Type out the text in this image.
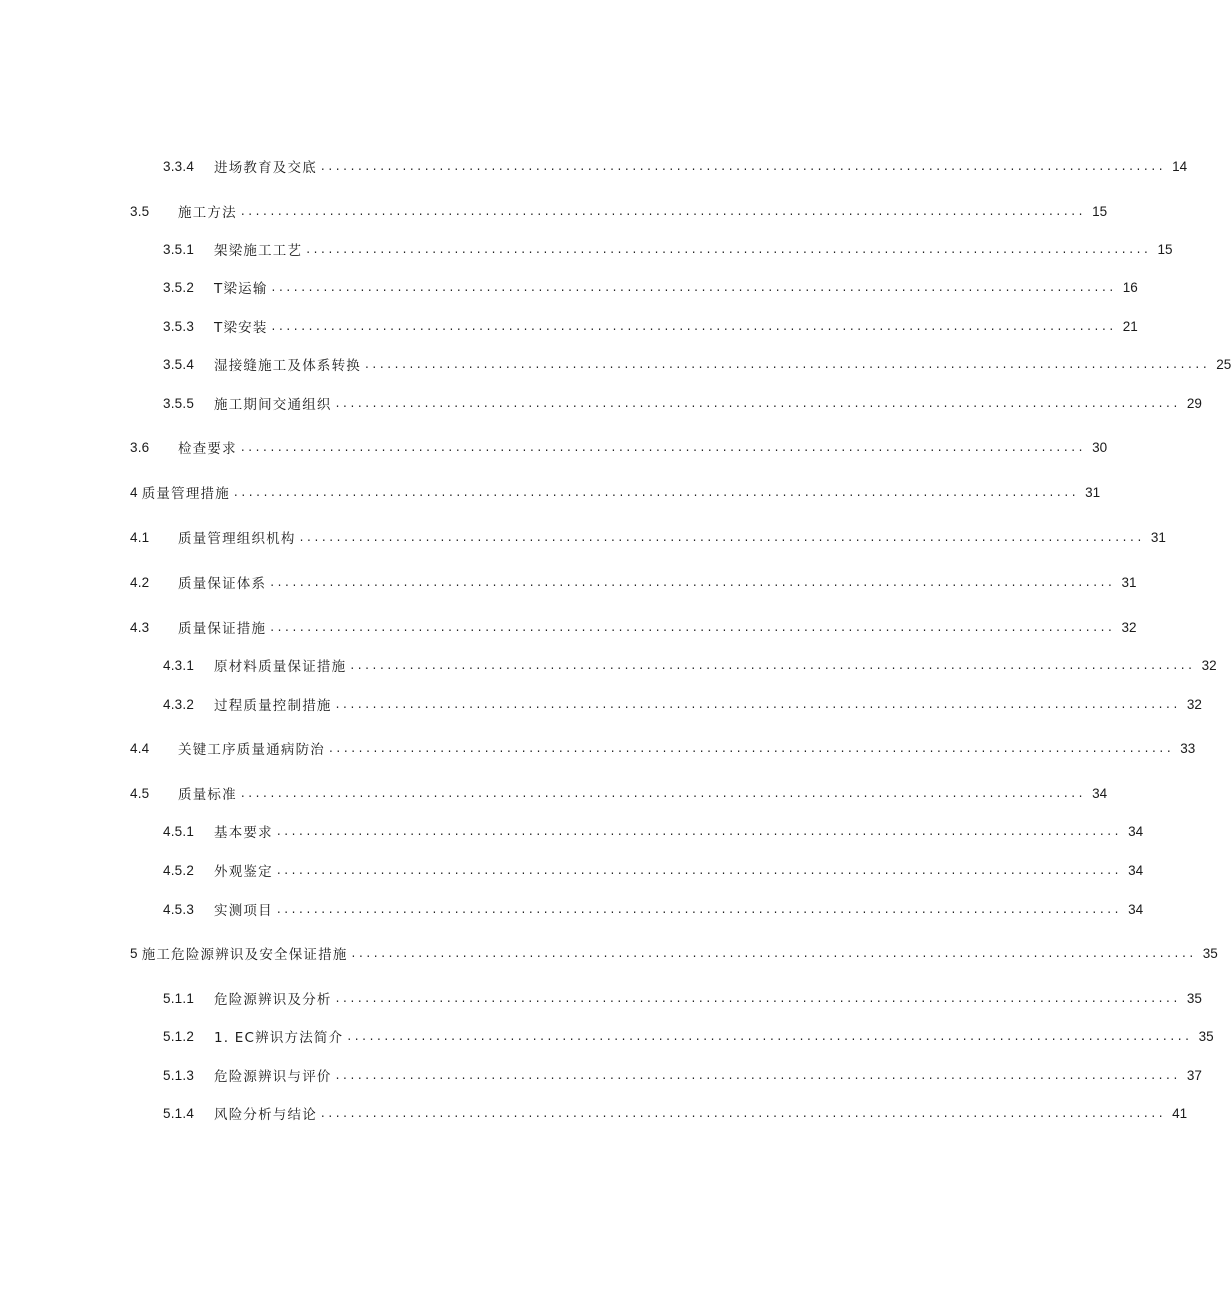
3.3.4	进场教育及交底 .................................................................................................................. 14
3.5	施工方法 .................................................................................................................. 15
3.5.1	架梁施工工艺 .................................................................................................................. 15
3.5.2	T梁运输 .................................................................................................................. 16
3.5.3	T梁安装 .................................................................................................................. 21
3.5.4	湿接缝施工及体系转换 .................................................................................................................. 25
3.5.5	施工期间交通组织 .................................................................................................................. 29
3.6	检查要求 .................................................................................................................. 30
4 质量管理措施 .................................................................................................................. 31
4.1	质量管理组织机构 .................................................................................................................. 31
4.2	质量保证体系 .................................................................................................................. 31
4.3	质量保证措施 .................................................................................................................. 32
4.3.1	原材料质量保证措施 .................................................................................................................. 32
4.3.2	过程质量控制措施 .................................................................................................................. 32
4.4	关键工序质量通病防治 .................................................................................................................. 33
4.5	质量标准 .................................................................................................................. 34
4.5.1	基本要求 .................................................................................................................. 34
4.5.2	外观鉴定 .................................................................................................................. 34
4.5.3	实测项目 .................................................................................................................. 34
5 施工危险源辨识及安全保证措施 .................................................................................................................. 35
5.1.1	危险源辨识及分析 .................................................................................................................. 35
5.1.2	1. EC辨识方法简介 .................................................................................................................. 35
5.1.3	危险源辨识与评价 .................................................................................................................. 37
5.1.4	风险分析与结论 .................................................................................................................. 41
